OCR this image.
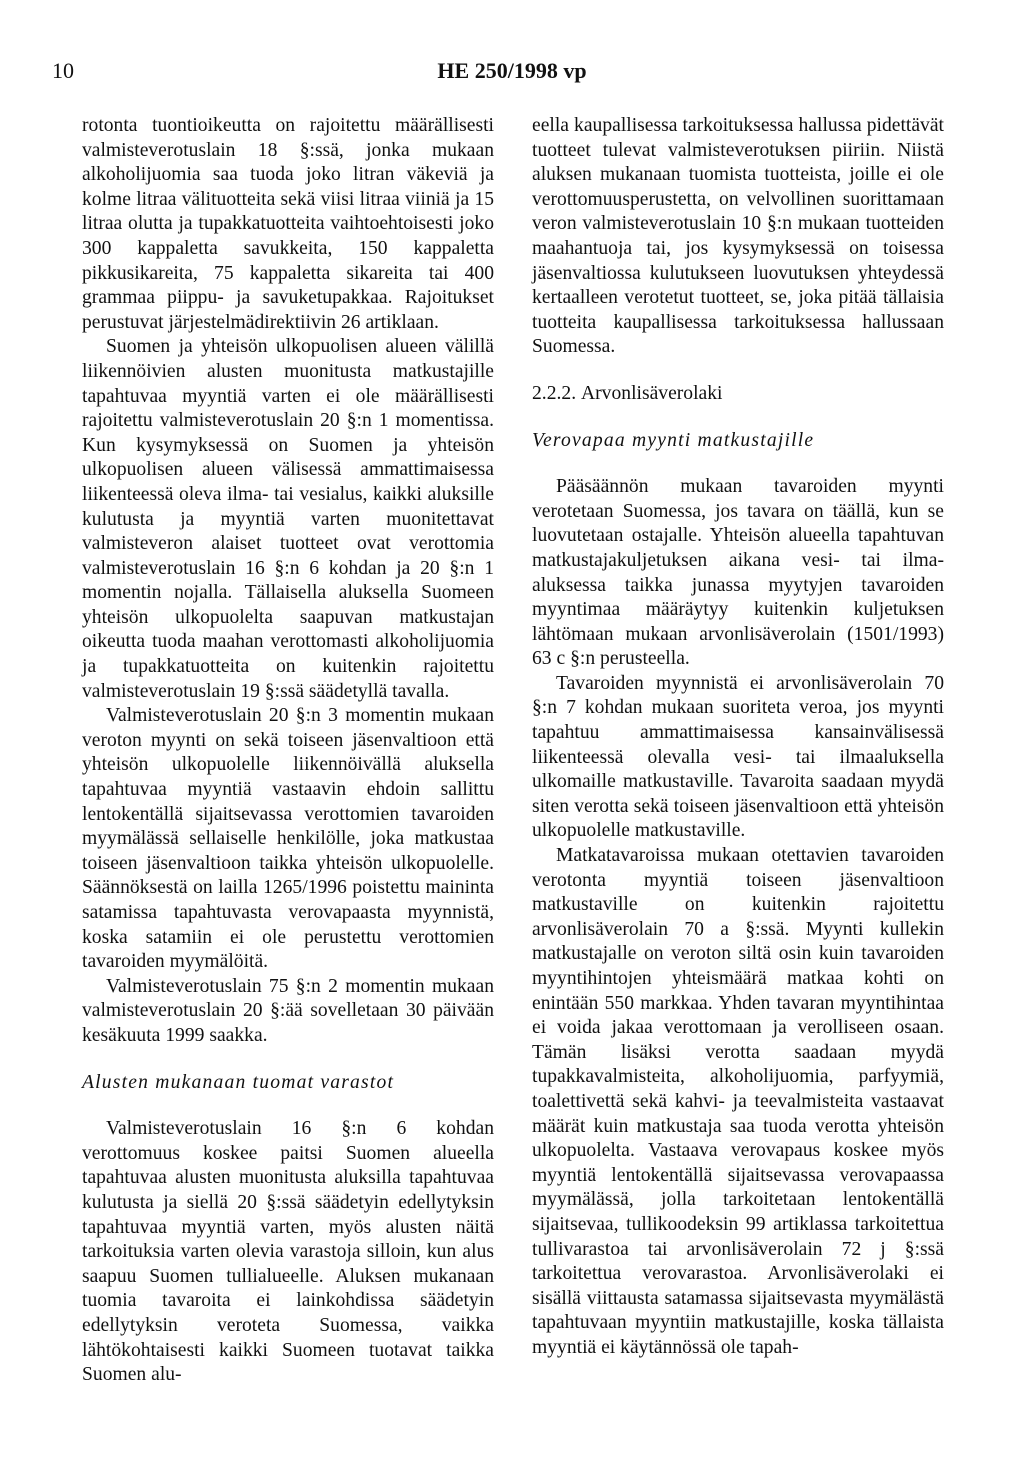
10	HE 250/1998 vp

rotonta tuontioikeutta on rajoitettu määrällisesti valmisteverotuslain 18 §:ssä, jonka mukaan alkoholijuomia saa tuoda joko litran väkeviä ja kolme litraa välituotteita sekä viisi litraa viiniä ja 15 litraa olutta ja tupakkatuotteita vaihtoehtoisesti joko 300 kappaletta savukkeita, 150 kappaletta pikkusikareita, 75 kappaletta sikareita tai 400 grammaa piippu- ja savuketupakkaa. Rajoitukset perustuvat järjestelmädirektiivin 26 artiklaan.

Suomen ja yhteisön ulkopuolisen alueen välillä liikennöivien alusten muonitusta matkustajille tapahtuvaa myyntiä varten ei ole määrällisesti rajoitettu valmisteverotuslain 20 §:n 1 momentissa. Kun kysymyksessä on Suomen ja yhteisön ulkopuolisen alueen välisessä ammattimaisessa liikenteessä oleva ilma- tai vesialus, kaikki aluksille kulutusta ja myyntiä varten muonitettavat valmisteveron alaiset tuotteet ovat verottomia valmisteverotuslain 16 §:n 6 kohdan ja 20 §:n 1 momentin nojalla. Tällaisella aluksella Suomeen yhteisön ulkopuolelta saapuvan matkustajan oikeutta tuoda maahan verottomasti alkoholijuomia ja tupakkatuotteita on kuitenkin rajoitettu valmisteverotuslain 19 §:ssä säädetyllä tavalla.

Valmisteverotuslain 20 §:n 3 momentin mukaan veroton myynti on sekä toiseen jäsenvaltioon että yhteisön ulkopuolelle liikennöivällä aluksella tapahtuvaa myyntiä vastaavin ehdoin sallittu lentokentällä sijaitsevassa verottomien tavaroiden myymälässä sellaiselle henkilölle, joka matkustaa toiseen jäsenvaltioon taikka yhteisön ulkopuolelle. Säännöksestä on lailla 1265/1996 poistettu maininta satamissa tapahtuvasta verovapaasta myynnistä, koska satamiin ei ole perustettu verottomien tavaroiden myymälöitä.

Valmisteverotuslain 75 §:n 2 momentin mukaan valmisteverotuslain 20 §:ää sovelletaan 30 päivään kesäkuuta 1999 saakka.

Alusten mukanaan tuomat varastot

Valmisteverotuslain 16 §:n 6 kohdan verottomuus koskee paitsi Suomen alueella tapahtuvaa alusten muonitusta aluksilla tapahtuvaa kulutusta ja siellä 20 §:ssä säädetyin edellytyksin tapahtuvaa myyntiä varten, myös alusten näitä tarkoituksia varten olevia varastoja silloin, kun alus saapuu Suomen tullialueelle. Aluksen mukanaan tuomia tavaroita ei lainkohdissa säädetyin edellytyksin veroteta Suomessa, vaikka lähtökohtaisesti kaikki Suomeen tuotavat taikka Suomen alu-

eella kaupallisessa tarkoituksessa hallussa pidettävät tuotteet tulevat valmisteverotuksen piiriin. Niistä aluksen mukanaan tuomista tuotteista, joille ei ole verottomuusperustetta, on velvollinen suorittamaan veron valmisteverotuslain 10 §:n mukaan tuotteiden maahantuoja tai, jos kysymyksessä on toisessa jäsenvaltiossa kulutukseen luovutuksen yhteydessä kertaalleen verotetut tuotteet, se, joka pitää tällaisia tuotteita kaupallisessa tarkoituksessa hallussaan Suomessa.

2.2.2. Arvonlisäverolaki

Verovapaa myynti matkustajille

Pääsäännön mukaan tavaroiden myynti verotetaan Suomessa, jos tavara on täällä, kun se luovutetaan ostajalle. Yhteisön alueella tapahtuvan matkustajakuljetuksen aikana vesi- tai ilma-aluksessa taikka junassa myytyjen tavaroiden myyntimaa määräytyy kuitenkin kuljetuksen lähtömaan mukaan arvonlisäverolain (1501/1993) 63 c §:n perusteella.

Tavaroiden myynnistä ei arvonlisäverolain 70 §:n 7 kohdan mukaan suoriteta veroa, jos myynti tapahtuu ammattimaisessa kansainvälisessä liikenteessä olevalla vesi- tai ilmaaluksella ulkomaille matkustaville. Tavaroita saadaan myydä siten verotta sekä toiseen jäsenvaltioon että yhteisön ulkopuolelle matkustaville.

Matkatavaroissa mukaan otettavien tavaroiden verotonta myyntiä toiseen jäsenvaltioon matkustaville on kuitenkin rajoitettu arvonlisäverolain 70 a §:ssä. Myynti kullekin matkustajalle on veroton siltä osin kuin tavaroiden myyntihintojen yhteismäärä matkaa kohti on enintään 550 markkaa. Yhden tavaran myyntihintaa ei voida jakaa verottomaan ja verolliseen osaan. Tämän lisäksi verotta saadaan myydä tupakkavalmisteita, alkoholijuomia, parfyymiä, toalettivettä sekä kahvi- ja teevalmisteita vastaavat määrät kuin matkustaja saa tuoda verotta yhteisön ulkopuolelta. Vastaava verovapaus koskee myös myyntiä lentokentällä sijaitsevassa verovapaassa myymälässä, jolla tarkoitetaan lentokentällä sijaitsevaa, tullikoodeksin 99 artiklassa tarkoitettua tullivarastoa tai arvonlisäverolain 72 j §:ssä tarkoitettua verovarastoa. Arvonlisäverolaki ei sisällä viittausta satamassa sijaitsevasta myymälästä tapahtuvaan myyntiin matkustajille, koska tällaista myyntiä ei käytännössä ole tapah-
